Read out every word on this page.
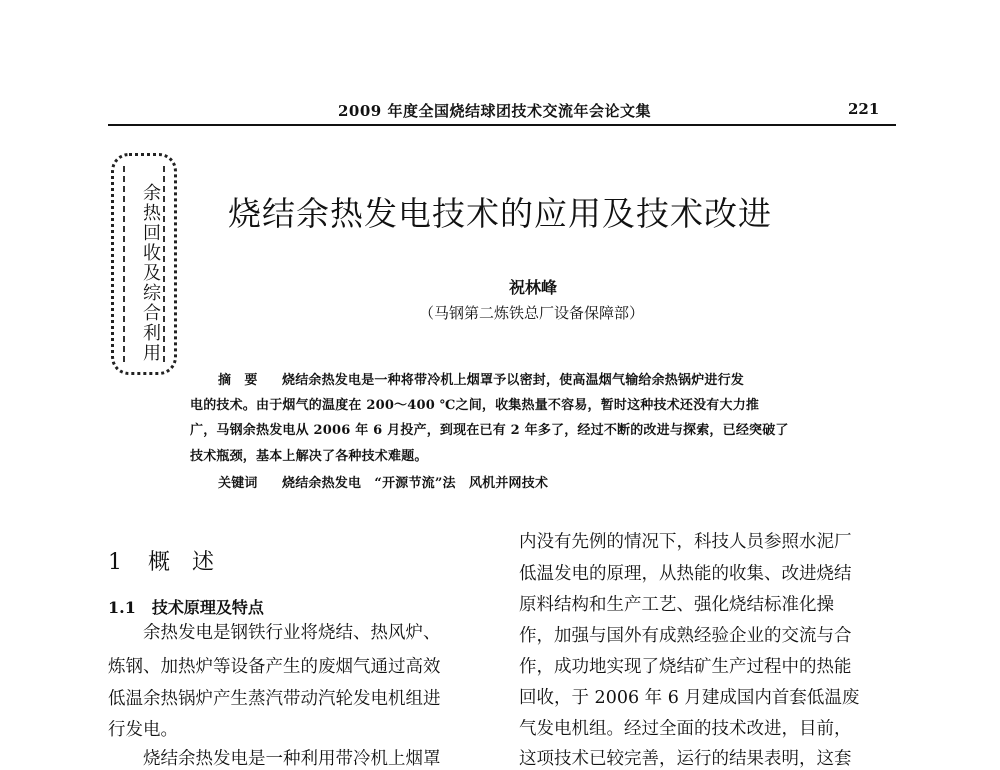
2009 年度全国烧结球团技术交流年会论文集	221
余热回收及综合利用 烧结余热发电技术的应用及技术改进
祝林峰
（马钢第二炼铁总厂设备保障部）
摘　要 烧结余热发电是一种将带冷机上烟罩予以密封，使高温烟气输给余热锅炉进行发
电的技术。由于烟气的温度在 200～400 ℃之间，收集热量不容易，暂时这种技术还没有大力推
广，马钢余热发电从 2006 年 6 月投产，到现在已有 2 年多了，经过不断的改进与探索，已经突破了
技术瓶颈，基本上解决了各种技术难题。
关键词 烧结余热发电　“开源节流”法　风机并网技术
1 概述
1.1　技术原理及特点
　　余热发电是钢铁行业将烧结、热风炉、
炼钢、加热炉等设备产生的废烟气通过高效
低温余热锅炉产生蒸汽带动汽轮发电机组进
行发电。
　　烧结余热发电是一种利用带冷机上烟罩
内没有先例的情况下，科技人员参照水泥厂
低温发电的原理，从热能的收集、改进烧结
原料结构和生产工艺、强化烧结标准化操
作，加强与国外有成熟经验企业的交流与合
作，成功地实现了烧结矿生产过程中的热能
回收，于 2006 年 6 月建成国内首套低温废
气发电机组。经过全面的技术改进，目前，
这项技术已较完善，运行的结果表明，这套
